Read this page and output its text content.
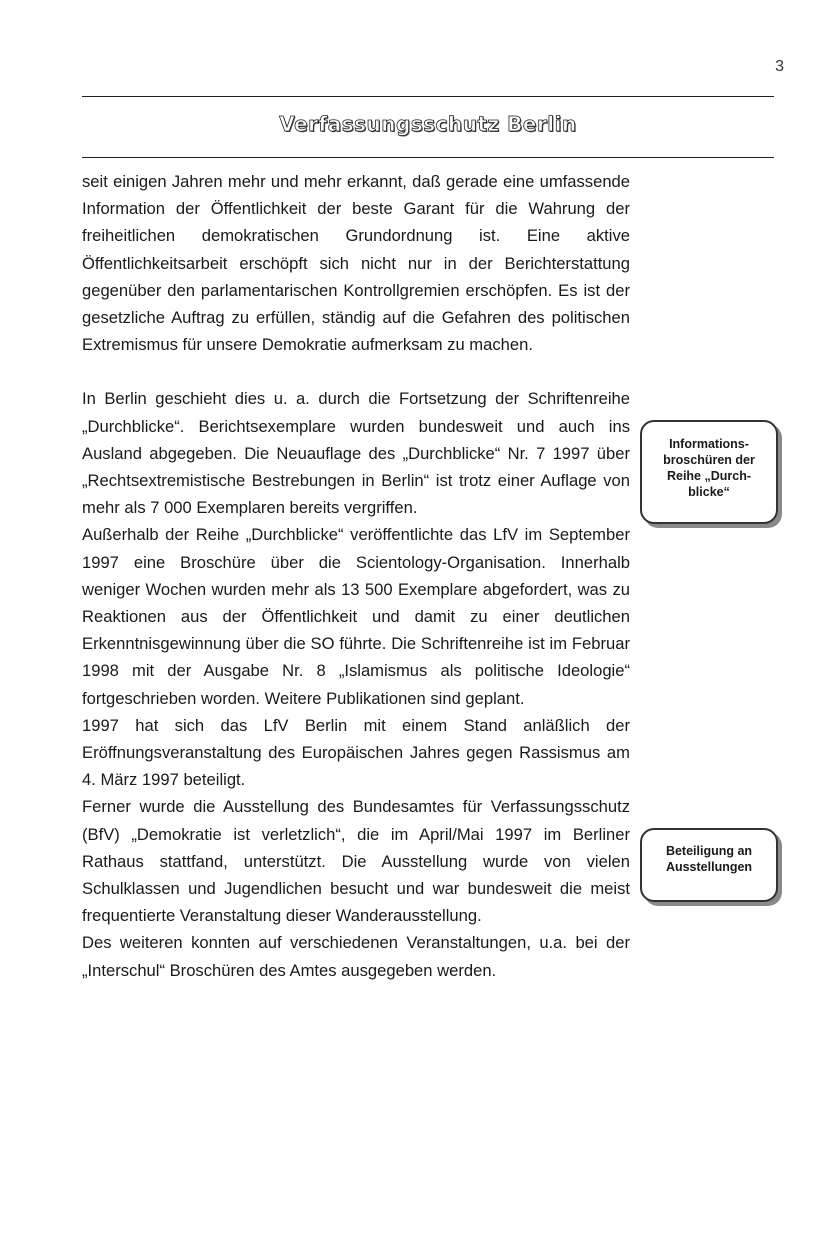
3
Verfassungsschutz Berlin

seit einigen Jahren mehr und mehr erkannt, daß gerade eine umfassende Information der Öffentlichkeit der beste Garant für die Wahrung der freiheitlichen demokratischen Grundordnung ist. Eine aktive Öffentlichkeitsarbeit erschöpft sich nicht nur in der Berichterstattung gegenüber den parlamentarischen Kontrollgremien erschöpfen. Es ist der gesetzliche Auftrag zu erfüllen, ständig auf die Gefahren des politischen Extremismus für unsere Demokratie aufmerksam zu machen.

In Berlin geschieht dies u. a. durch die Fortsetzung der Schriftenreihe „Durchblicke“. Berichtsexemplare wurden bundesweit und auch ins Ausland abgegeben. Die Neuauflage des „Durchblicke“ Nr. 7 1997 über „Rechtsextremistische Bestrebungen in Berlin“ ist trotz einer Auflage von mehr als 7 000 Exemplaren bereits vergriffen.

Außerhalb der Reihe „Durchblicke“ veröffentlichte das LfV im September 1997 eine Broschüre über die Scientology-Organisation. Innerhalb weniger Wochen wurden mehr als 13 500 Exemplare abgefordert, was zu Reaktionen aus der Öffentlichkeit und damit zu einer deutlichen Erkenntnisgewinnung über die SO führte. Die Schriftenreihe ist im Februar 1998 mit der Ausgabe Nr. 8 „Islamismus als politische Ideologie“ fortgeschrieben worden. Weitere Publikationen sind geplant.

1997 hat sich das LfV Berlin mit einem Stand anläßlich der Eröffnungsveranstaltung des Europäischen Jahres gegen Rassismus am 4. März 1997 beteiligt.

Ferner wurde die Ausstellung des Bundesamtes für Verfassungsschutz (BfV) „Demokratie ist verletzlich“, die im April/Mai 1997 im Berliner Rathaus stattfand, unterstützt. Die Ausstellung wurde von vielen Schulklassen und Jugendlichen besucht und war bundesweit die meist frequentierte Veranstaltung dieser Wanderausstellung.

Des weiteren konnten auf verschiedenen Veranstaltungen, u.a. bei der „Interschul“ Broschüren des Amtes ausgegeben werden.

Informations-
broschüren der
Reihe „Durch-
blicke“
Beteiligung an
Ausstellungen
